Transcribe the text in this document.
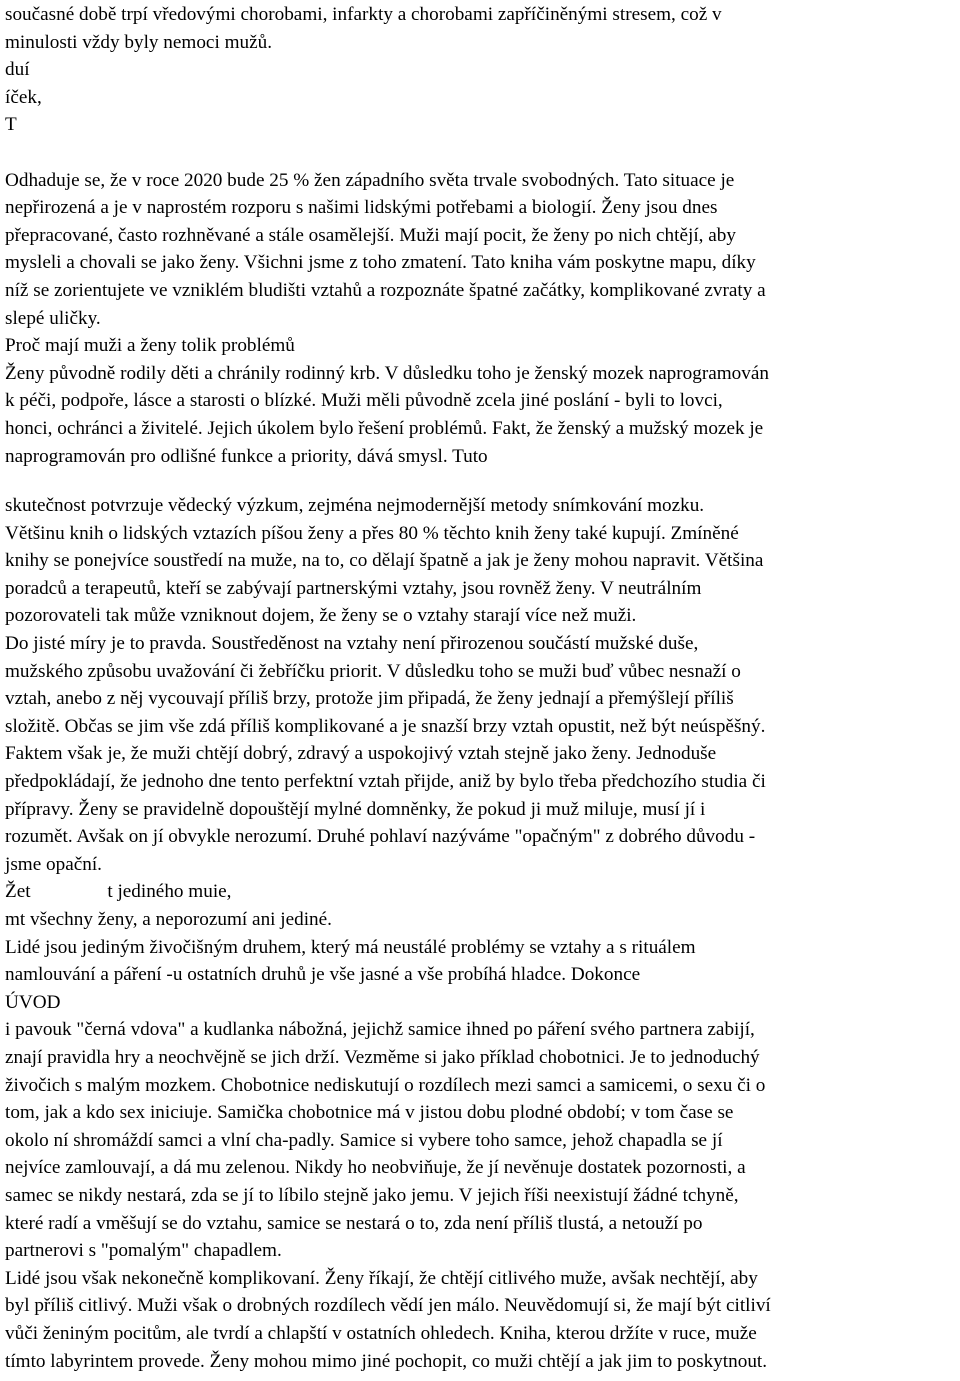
současné době trpí vředovými chorobami, infarkty a chorobami zapříčiněnými stresem, což v
minulosti vždy byly nemoci mužů.
duí
íček,
T
Odhaduje se, že v roce 2020 bude 25 % žen západního světa trvale svobodných. Tato situace je
nepřirozená a je v naprostém rozporu s našimi lidskými potřebami a biologií. Ženy jsou dnes
přepracované, často rozhněvané a stále osamělejší. Muži mají pocit, že ženy po nich chtějí, aby
mysleli a chovali se jako ženy. Všichni jsme z toho zmatení. Tato kniha vám poskytne mapu, díky
níž se zorientujete ve vzniklém bludišti vztahů a rozpoznáte špatné začátky, komplikované zvraty a
slepé uličky.
Proč mají muži a ženy tolik problémů
Ženy původně rodily děti a chránily rodinný krb. V důsledku toho je ženský mozek naprogramován
k péči, podpoře, lásce a starosti o blízké. Muži měli původně zcela jiné poslání - byli to lovci,
honci, ochránci a živitelé. Jejich úkolem bylo řešení problémů. Fakt, že ženský a mužský mozek je
naprogramován pro odlišné funkce a priority, dává smysl. Tuto
skutečnost potvrzuje vědecký výzkum, zejména nejmodernější metody snímkování mozku.
Většinu knih o lidských vztazích píšou ženy a přes 80 % těchto knih ženy také kupují. Zmíněné
knihy se ponejvíce soustředí na muže, na to, co dělají špatně a jak je ženy mohou napravit. Většina
poradců a terapeutů, kteří se zabývají partnerskými vztahy, jsou rovněž ženy. V neutrálním
pozorovateli tak může vzniknout dojem, že ženy se o vztahy starají více než muži.
Do jisté míry je to pravda. Soustředěnost na vztahy není přirozenou součástí mužské duše,
mužského způsobu uvažování či žebříčku priorit. V důsledku toho se muži buď vůbec nesnaží o
vztah, anebo z něj vycouvají příliš brzy, protože jim připadá, že ženy jednají a přemýšlejí příliš
složitě. Občas se jim vše zdá příliš komplikované a je snazší brzy vztah opustit, než být neúspěšný.
Faktem však je, že muži chtějí dobrý, zdravý a uspokojivý vztah stejně jako ženy. Jednoduše
předpokládají, že jednoho dne tento perfektní vztah přijde, aniž by bylo třeba předchozího studia či
přípravy. Ženy se pravidelně dopouštějí mylné domněnky, že pokud ji muž miluje, musí jí i
rozumět. Avšak on jí obvykle nerozumí. Druhé pohlaví nazýváme "opačným" z dobrého důvodu -
jsme opační.
Žet                t jediného muie,
mt všechny ženy, a neporozumí ani jediné.
Lidé jsou jediným živočišným druhem, který má neustálé problémy se vztahy a s rituálem
namlouvání a páření -u ostatních druhů je vše jasné a vše probíhá hladce. Dokonce
ÚVOD
i pavouk "černá vdova" a kudlanka nábožná, jejichž samice ihned po páření svého partnera zabijí,
znají pravidla hry a neochvějně se jich drží. Vezměme si jako příklad chobotnici. Je to jednoduchý
živočich s malým mozkem. Chobotnice nediskutují o rozdílech mezi samci a samicemi, o sexu či o
tom, jak a kdo sex iniciuje. Samička chobotnice má v jistou dobu plodné období; v tom čase se
okolo ní shromáždí samci a vlní cha-padly. Samice si vybere toho samce, jehož chapadla se jí
nejvíce zamlouvají, a dá mu zelenou. Nikdy ho neobviňuje, že jí nevěnuje dostatek pozornosti, a
samec se nikdy nestará, zda se jí to líbilo stejně jako jemu. V jejich říši neexistují žádné tchyně,
které radí a vměšují se do vztahu, samice se nestará o to, zda není příliš tlustá, a netouží po
partnerovi s "pomalým" chapadlem.
Lidé jsou však nekonečně komplikovaní. Ženy říkají, že chtějí citlivého muže, avšak nechtějí, aby
byl příliš citlivý. Muži však o drobných rozdílech vědí jen málo. Neuvědomují si, že mají být citliví
vůči ženiným pocitům, ale tvrdí a chlapští v ostatních ohledech. Kniha, kterou držíte v ruce, muže
tímto labyrintem provede. Ženy mohou mimo jiné pochopit, co muži chtějí a jak jim to poskytnout.
